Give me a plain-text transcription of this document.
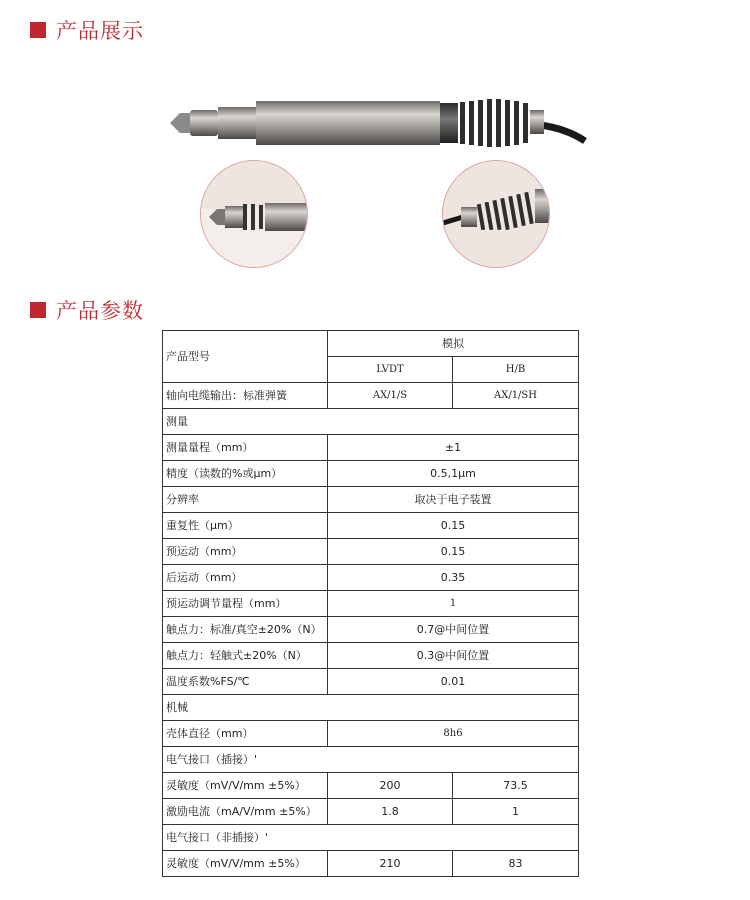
产品展示
产品参数
产品型号	模拟	
	LVDT	H/B
轴向电缆输出：标准弹簧	AX/1/S	AX/1/SH
测量		
测量量程（mm）	±1	
精度（读数的%或μm）	0.5,1μm	
分辨率	取决于电子装置	
重复性（μm）	0.15	
预运动（mm）	0.15	
后运动（mm）	0.35	
预运动调节量程（mm）	1	
触点力：标准/真空±20%（N）	0.7@中间位置	
触点力：轻触式±20%（N）	0.3@中间位置	
温度系数%FS/℃	0.01	
机械		
壳体直径（mm）	8h6	
电气接口（插接）'		
灵敏度（mV/V/mm ±5%）	200	73.5
激励电流（mA/V/mm ±5%）	1.8	1
电气接口（非插接）'		
灵敏度（mV/V/mm ±5%）	210	83
